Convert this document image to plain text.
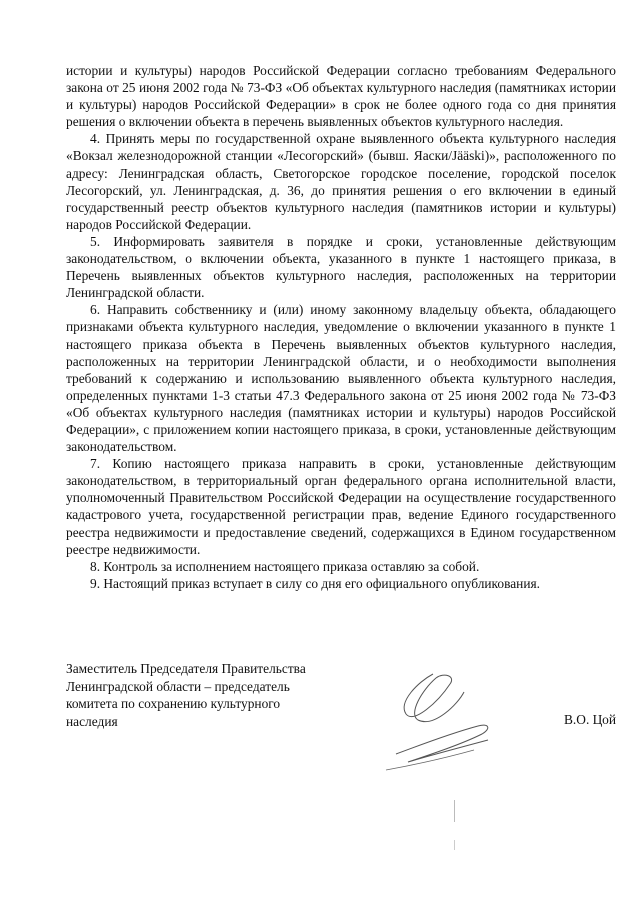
истории и культуры) народов Российской Федерации согласно требованиям Федерального закона от 25 июня 2002 года № 73-ФЗ «Об объектах культурного наследия (памятниках истории и культуры) народов Российской Федерации» в срок не более одного года со дня принятия решения о включении объекта в перечень выявленных объектов культурного наследия.

4. Принять меры по государственной охране выявленного объекта культурного наследия «Вокзал железнодорожной станции «Лесогорский» (бывш. Яаски/Jääski)», расположенного по адресу: Ленинградская область, Светогорское городское поселение, городской поселок Лесогорский, ул. Ленинградская, д. 36, до принятия решения о его включении в единый государственный реестр объектов культурного наследия (памятников истории и культуры) народов Российской Федерации.

5. Информировать заявителя в порядке и сроки, установленные действующим законодательством, о включении объекта, указанного в пункте 1 настоящего приказа, в Перечень выявленных объектов культурного наследия, расположенных на территории Ленинградской области.

6. Направить собственнику и (или) иному законному владельцу объекта, обладающего признаками объекта культурного наследия, уведомление о включении указанного в пункте 1 настоящего приказа объекта в Перечень выявленных объектов культурного наследия, расположенных на территории Ленинградской области, и о необходимости выполнения требований к содержанию и использованию выявленного объекта культурного наследия, определенных пунктами 1-3 статьи 47.3 Федерального закона от 25 июня 2002 года № 73-ФЗ «Об объектах культурного наследия (памятниках истории и культуры) народов Российской Федерации», с приложением копии настоящего приказа, в сроки, установленные действующим законодательством.

7. Копию настоящего приказа направить в сроки, установленные действующим законодательством, в территориальный орган федерального органа исполнительной власти, уполномоченный Правительством Российской Федерации на осуществление государственного кадастрового учета, государственной регистрации прав, ведение Единого государственного реестра недвижимости и предоставление сведений, содержащихся в Едином государственном реестре недвижимости.

8. Контроль за исполнением настоящего приказа оставляю за собой.

9. Настоящий приказ вступает в силу со дня его официального опубликования.

Заместитель Председателя Правительства
Ленинградской области – председатель
комитета по сохранению культурного
наследия	В.О. Цой
